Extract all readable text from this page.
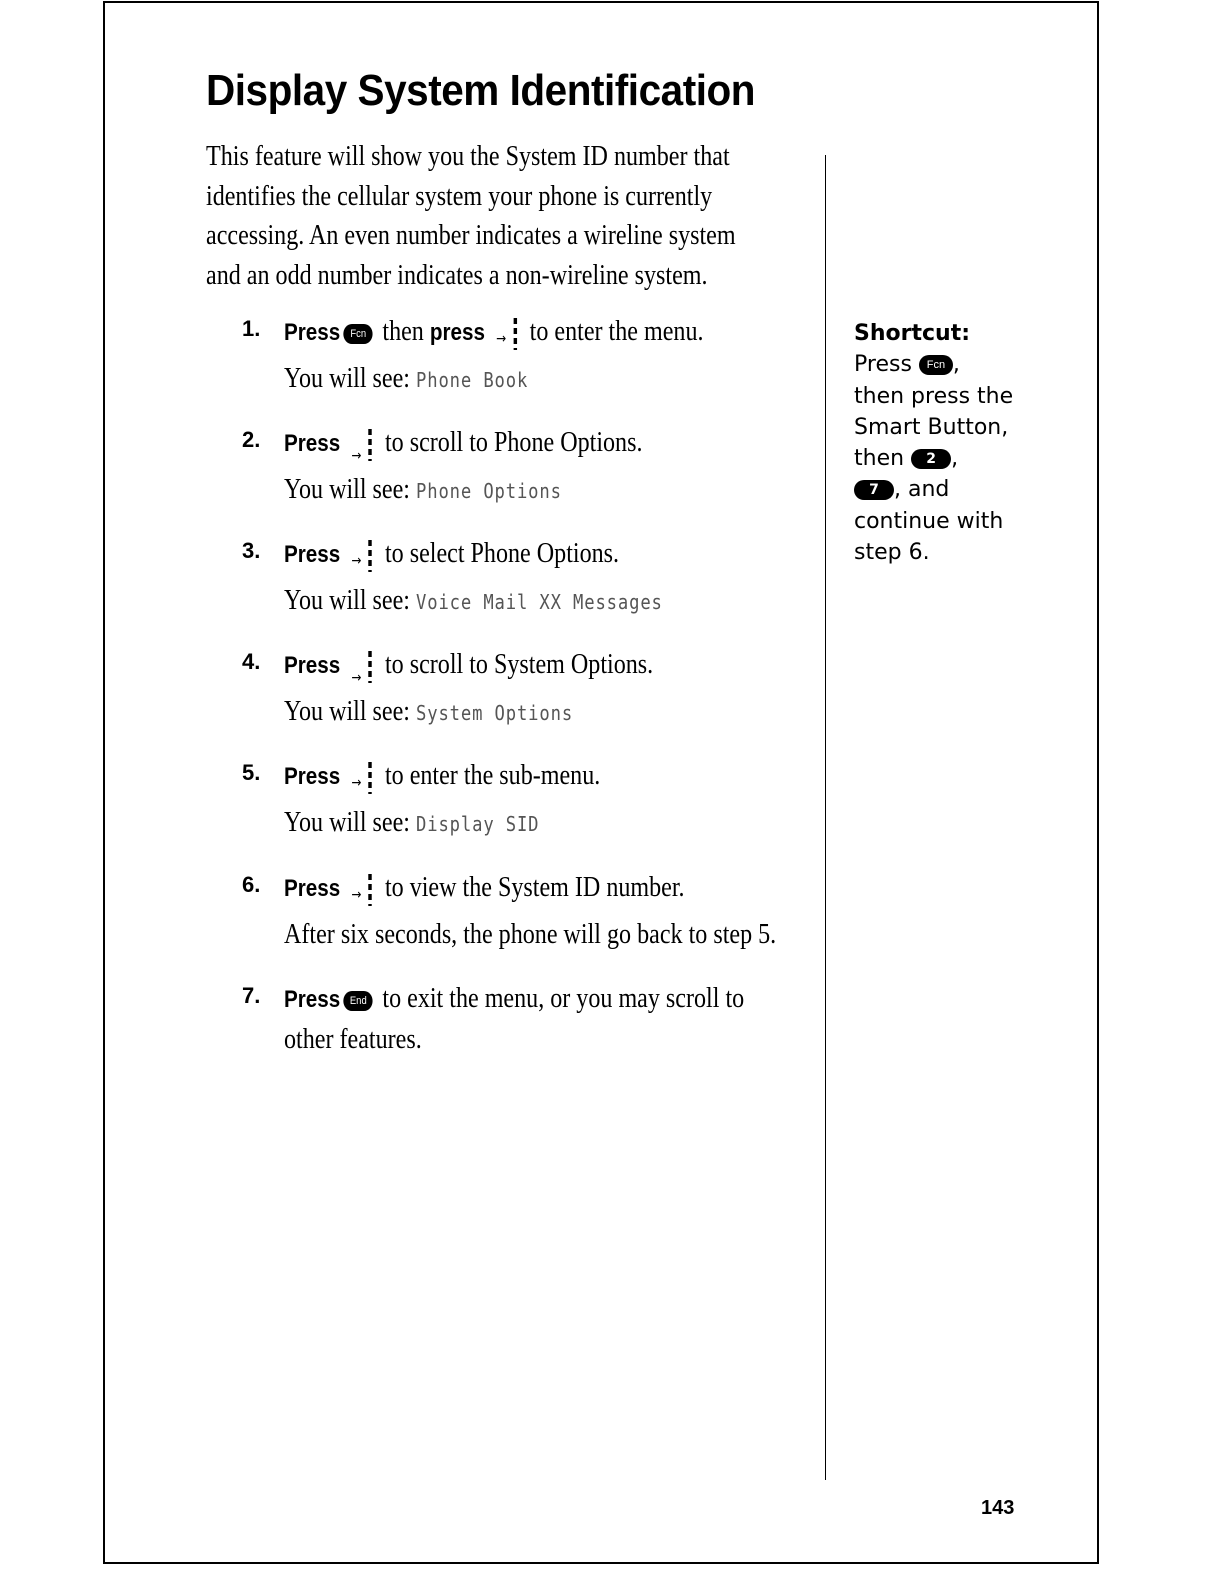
Display System Identification

This feature will show you the System ID number that identifies the cellular system your phone is currently accessing. An even number indicates a wireline system and an odd number indicates a non-wireline system.

1. Press Fcn then press → to enter the menu.
You will see: Phone Book
2. Press → to scroll to Phone Options.
You will see: Phone Options
3. Press → to select Phone Options.
You will see: Voice Mail XX Messages
4. Press → to scroll to System Options.
You will see: System Options
5. Press → to enter the sub-menu.
You will see: Display SID
6. Press → to view the System ID number.
After six seconds, the phone will go back to step 5.
7. Press End to exit the menu, or you may scroll to
other features.
Shortcut:
Press Fcn ,
then press the
Smart Button,
then 2 ,
7 , and
continue with
step 6.
143
